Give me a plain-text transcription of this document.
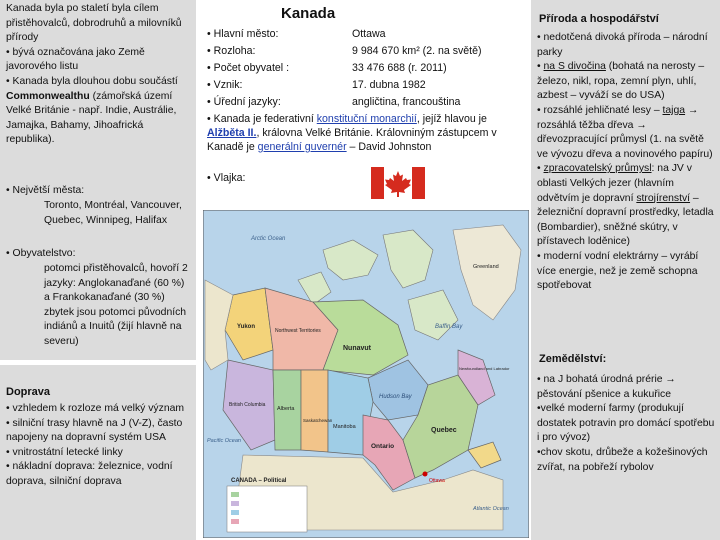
Kanada byla po staletí byla cílem přistěhovalců, dobrodruhů a milovníků přírody
• bývá označována jako Země javorového listu
• Kanada byla dlouhou dobu součástí Commonwealthu (zámořská území Velké Británie - např. Indie, Austrálie, Jamajka, Bahamy, Jihoafrická republika).

• Největší města:

Toronto, Montréal, Vancouver, Quebec, Winnipeg, Halifax

• Obyvatelstvo:

potomci přistěhovalců, hovoří 2 jazyky: Anglokanaďané (60 %) a Frankokanaďané (30 %) zbytek jsou potomci původních indiánů a Inuitů (žijí hlavně na severu)

Doprava

• vzhledem k rozloze má velký význam
• silniční trasy hlavně na J (V-Z), často napojeny na dopravní systém USA
• vnitrostátní letecké linky
• nákladní doprava: železnice, vodní doprava, silniční doprava

Kanada
• Hlavní město:	Ottawa
• Rozloha:	9 984 670 km² (2. na světě)
• Počet obyvatel :	33 476 688 (r. 2011)
• Vznik:	17. dubna 1982
• Úřední jazyky:	angličtina, francouština
• Kanada je federativní konstituční monarchií, jejíž hlavou je Alžběta II., královna Velké Británie. Královniným zástupcem v Kanadě je generální guvernér – David Johnston
• Vlajka:
Arctic Ocean
Baffin Bay
Hudson Bay
Nunavut
Northwest Territories
Yukon
British Columbia
Alberta
Saskatchewan
Manitoba
Ontario
Quebec
Newfoundland and Labrador
Pacific Ocean
Atlantic Ocean
CANADA – Political	Ottawa
Greenland

Příroda a hospodářství

• nedotčená divoká příroda – národní parky
• na S divočina (bohatá na nerosty – železo, nikl, ropa, zemní plyn, uhlí, azbest – vyváží se do USA)
• rozsáhlé jehličnaté lesy – tajga → rozsáhlá těžba dřeva → dřevozpracující průmysl (1. na světě ve vývozu dřeva a novinového papíru)
• zpracovatelský průmysl: na JV v oblasti Velkých jezer (hlavním odvětvím je dopravní strojírenství – železniční dopravní prostředky, letadla (Bombardier), sněžné skútry, v přístavech loděnice)
• moderní vodní elektrárny – vyrábí více energie, než je země schopna spotřebovat

Zemědělství:

• na J bohatá úrodná prérie → pěstování pšenice a kukuřice
•velké moderní farmy (produkují dostatek potravin pro domácí spotřebu i pro vývoz)
•chov skotu, drůbeže a kožešinových zvířat, na pobřeží rybolov
